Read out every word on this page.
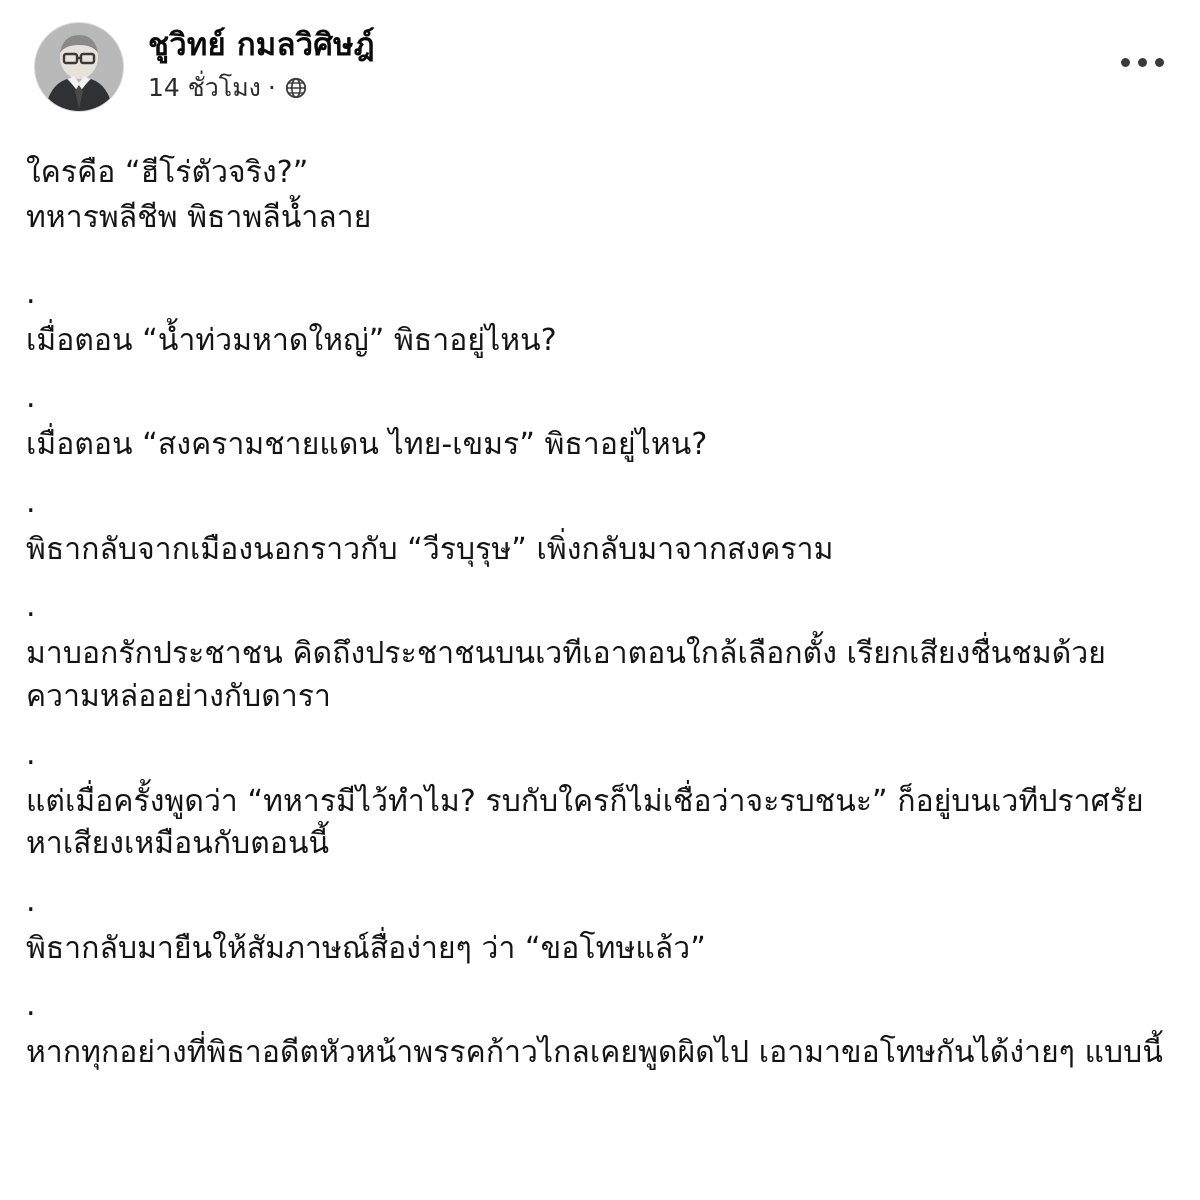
ชูวิทย์ กมลวิศิษฎ์
14 ชั่วโมง ·

ใครคือ “ฮีโร่ตัวจริง?”

ทหารพลีชีพ พิธาพลีน้ำลาย

.

เมื่อตอน “น้ำท่วมหาดใหญ่” พิธาอยู่ไหน?

.

เมื่อตอน “สงครามชายแดน ไทย-เขมร” พิธาอยู่ไหน?

.

พิธากลับจากเมืองนอกราวกับ “วีรบุรุษ” เพิ่งกลับมาจากสงคราม

.

มาบอกรักประชาชน คิดถึงประชาชนบนเวทีเอาตอนใกล้เลือกตั้ง เรียกเสียงชื่นชมด้วยความหล่ออย่างกับดารา

.

แต่เมื่อครั้งพูดว่า “ทหารมีไว้ทำไม? รบกับใครก็ไม่เชื่อว่าจะรบชนะ” ก็อยู่บนเวทีปราศรัยหาเสียงเหมือนกับตอนนี้

.

พิธากลับมายืนให้สัมภาษณ์สื่อง่ายๆ ว่า “ขอโทษแล้ว”

.

หากทุกอย่างที่พิธาอดีตหัวหน้าพรรคก้าวไกลเคยพูดผิดไป เอามาขอโทษกันได้ง่ายๆ แบบนี้
